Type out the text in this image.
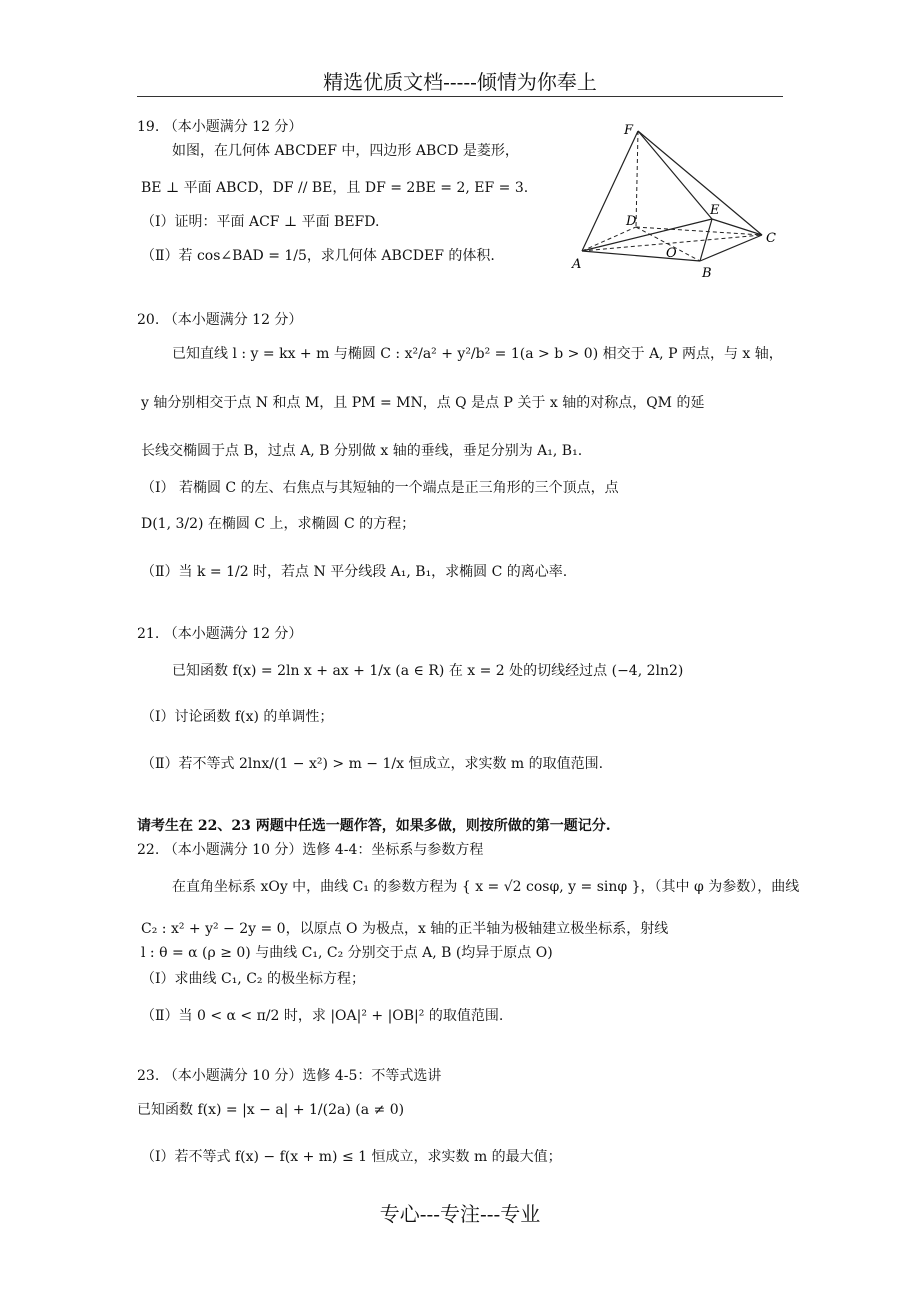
精选优质文档-----倾情为你奉上
19. （本小题满分 12 分）
如图，在几何体 ABCDEF 中，四边形 ABCD 是菱形，
BE ⊥ 平面 ABCD，DF // BE，且 DF = 2BE = 2, EF = 3.
（Ⅰ）证明：平面 ACF ⊥ 平面 BEFD.
（Ⅱ）若 cos∠BAD = 1/5，求几何体 ABCDEF 的体积.
F
D
E
O
A
B
C
20. （本小题满分 12 分）
已知直线 l : y = kx + m 与椭圆 C : x²/a² + y²/b² = 1(a > b > 0) 相交于 A, P 两点，与 x 轴，
y 轴分别相交于点 N 和点 M，且 PM = MN，点 Q 是点 P 关于 x 轴的对称点，QM 的延
长线交椭圆于点 B，过点 A, B 分别做 x 轴的垂线，垂足分别为 A₁, B₁.
（Ⅰ） 若椭圆 C 的左、右焦点与其短轴的一个端点是正三角形的三个顶点，点
D(1, 3/2) 在椭圆 C 上，求椭圆 C 的方程；
（Ⅱ）当 k = 1/2 时，若点 N 平分线段 A₁, B₁，求椭圆 C 的离心率.
21. （本小题满分 12 分）
已知函数 f(x) = 2ln x + ax + 1/x (a ∈ R) 在 x = 2 处的切线经过点 (−4, 2ln2)
（Ⅰ）讨论函数 f(x) 的单调性；
（Ⅱ）若不等式 2lnx/(1 − x²) > m − 1/x 恒成立，求实数 m 的取值范围.
请考生在 22、23 两题中任选一题作答，如果多做，则按所做的第一题记分.
22. （本小题满分 10 分）选修 4-4：坐标系与参数方程
在直角坐标系 xOy 中，曲线 C₁ 的参数方程为 { x = √2 cosφ, y = sinφ }，（其中 φ 为参数），曲线
C₂ : x² + y² − 2y = 0，以原点 O 为极点，x 轴的正半轴为极轴建立极坐标系，射线
l : θ = α (ρ ≥ 0) 与曲线 C₁, C₂ 分别交于点 A, B (均异于原点 O)
（Ⅰ）求曲线 C₁, C₂ 的极坐标方程；
（Ⅱ）当 0 < α < π/2 时，求 |OA|² + |OB|² 的取值范围.
23. （本小题满分 10 分）选修 4-5：不等式选讲
已知函数 f(x) = |x − a| + 1/(2a) (a ≠ 0)
（Ⅰ）若不等式 f(x) − f(x + m) ≤ 1 恒成立，求实数 m 的最大值；
专心---专注---专业
